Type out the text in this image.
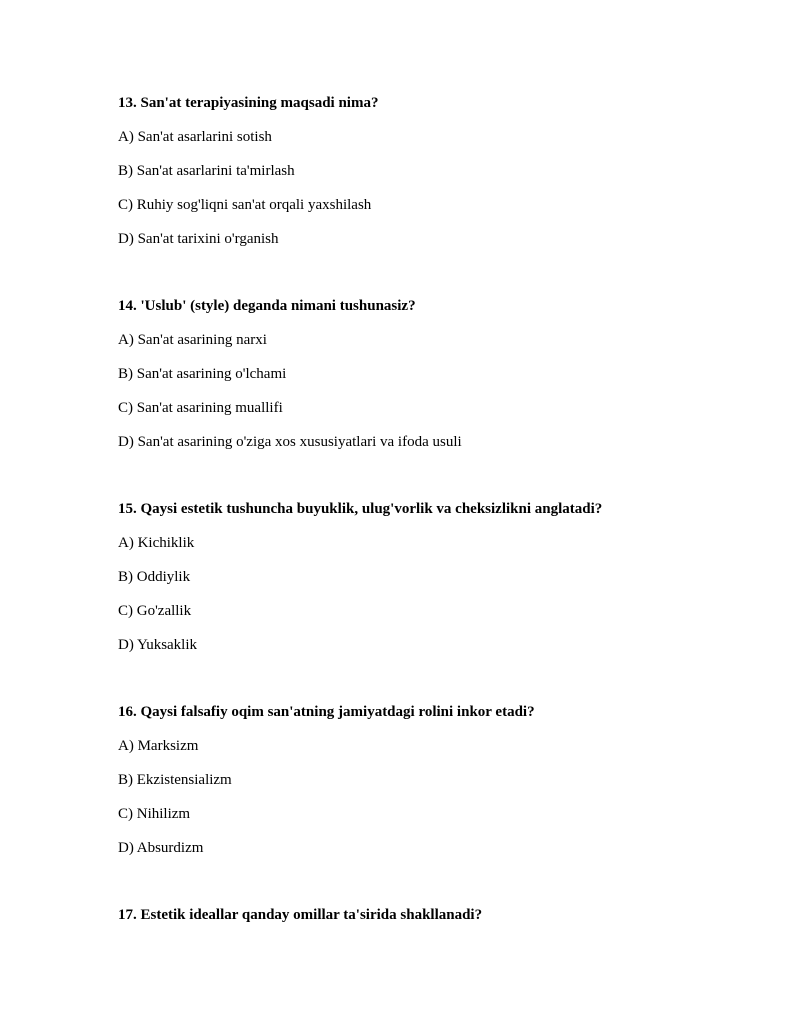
13. San'at terapiyasining maqsadi nima?
A) San'at asarlarini sotish
B) San'at asarlarini ta'mirlash
C) Ruhiy sog'liqni san'at orqali yaxshilash
D) San'at tarixini o'rganish
14. 'Uslub' (style) deganda nimani tushunasiz?
A) San'at asarining narxi
B) San'at asarining o'lchami
C) San'at asarining muallifi
D) San'at asarining o'ziga xos xususiyatlari va ifoda usuli
15. Qaysi estetik tushuncha buyuklik, ulug'vorlik va cheksizlikni anglatadi?
A) Kichiklik
B) Oddiylik
C) Go'zallik
D) Yuksaklik
16. Qaysi falsafiy oqim san'atning jamiyatdagi rolini inkor etadi?
A) Marksizm
B) Ekzistensializm
C) Nihilizm
D) Absurdizm
17. Estetik ideallar qanday omillar ta'sirida shakllanadi?
